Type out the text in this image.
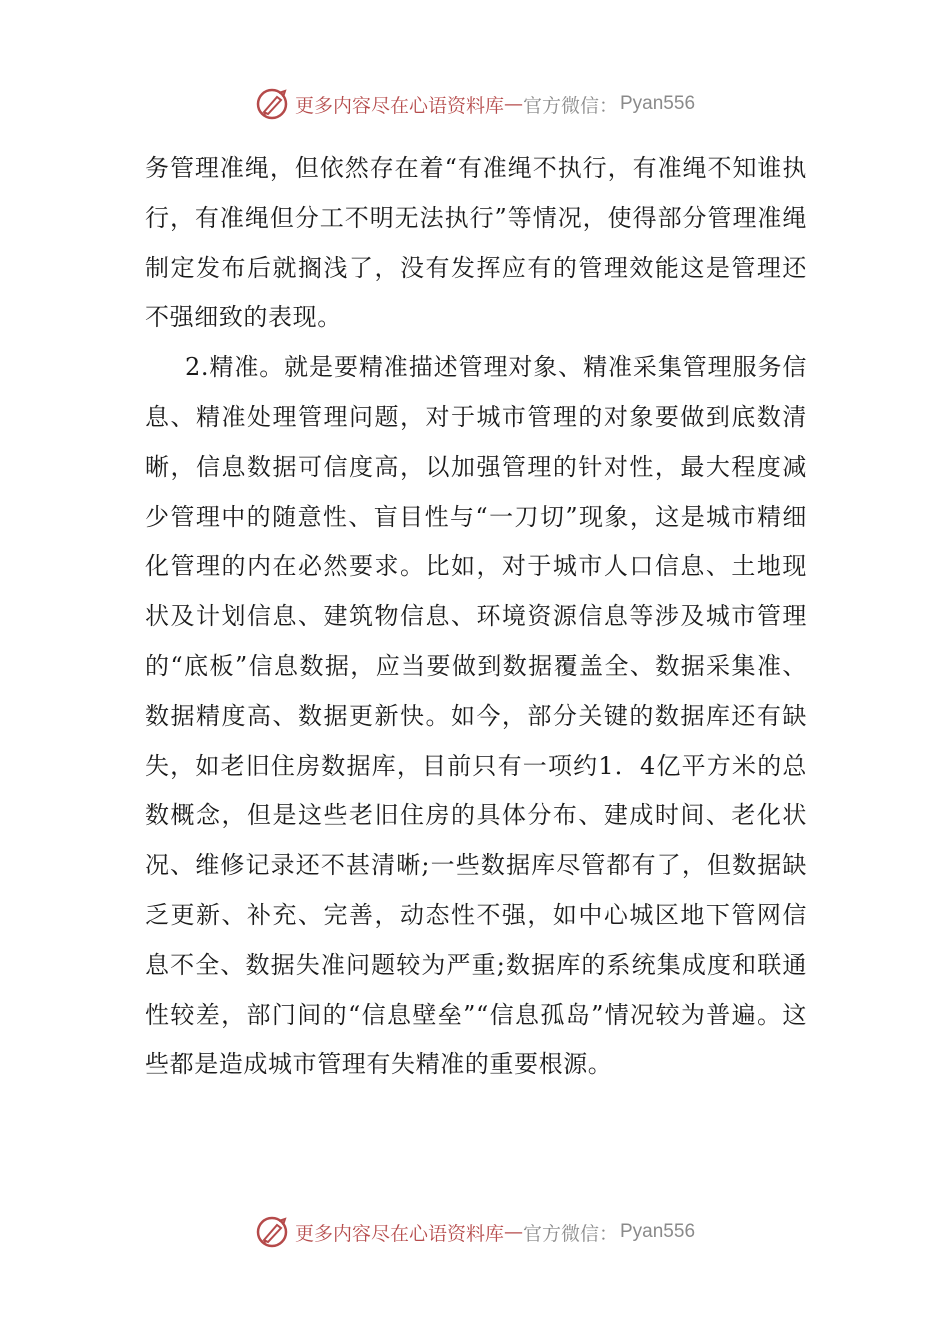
更多内容尽在心语资料库 — 官方微信： Pyan556

务管理准绳，但依然存在着“有准绳不执行，有准绳不知谁执行，有准绳但分工不明无法执行”等情况，使得部分管理准绳制定发布后就搁浅了，没有发挥应有的管理效能这是管理还不强细致的表现。

2.精准。就是要精准描述管理对象、精准采集管理服务信息、精准处理管理问题，对于城市管理的对象要做到底数清晰，信息数据可信度高，以加强管理的针对性，最大程度减少管理中的随意性、盲目性与“一刀切”现象，这是城市精细化管理的内在必然要求。比如，对于城市人口信息、土地现状及计划信息、建筑物信息、环境资源信息等涉及城市管理的“底板”信息数据，应当要做到数据覆盖全、数据采集准、数据精度高、数据更新快。如今，部分关键的数据库还有缺失，如老旧住房数据库，目前只有一项约1．4亿平方米的总数概念，但是这些老旧住房的具体分布、建成时间、老化状况、维修记录还不甚清晰;一些数据库尽管都有了，但数据缺乏更新、补充、完善，动态性不强，如中心城区地下管网信息不全、数据失准问题较为严重;数据库的系统集成度和联通性较差，部门间的“信息壁垒”“信息孤岛”情况较为普遍。这些都是造成城市管理有失精准的重要根源。

更多内容尽在心语资料库 — 官方微信： Pyan556
